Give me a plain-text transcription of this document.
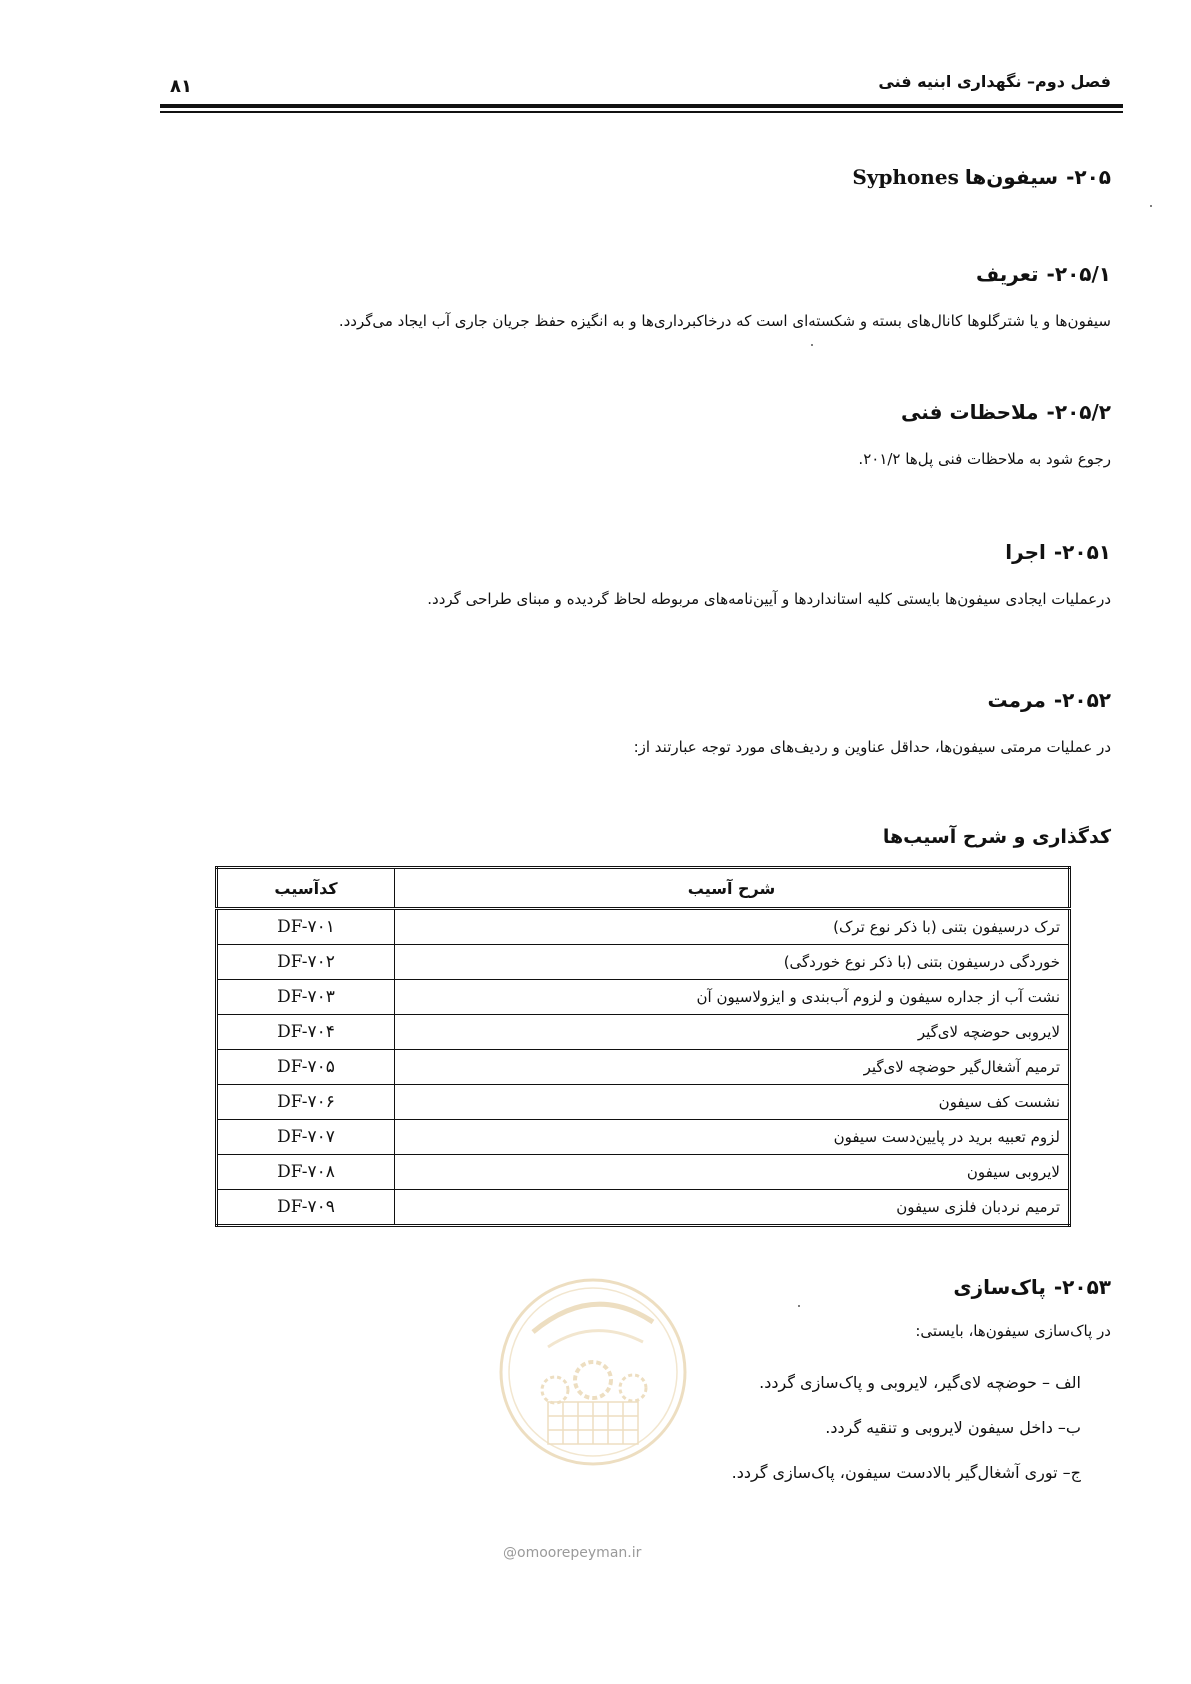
فصل دوم– نگهداری ابنیه فنی
۸۱
۲۰۵-سیفون‌هاSyphones
۲۰۵/۱-تعریف
سیفون‌ها و یا شترگلوها کانال‌های بسته و شکسته‌ای است که درخاکبرداری‌ها و به انگیزه حفظ جریان جاری آب ایجاد می‌گردد.
۲۰۵/۲-ملاحظات فنی
رجوع شود به ملاحظات فنی پل‌ها ۲۰۱/۲.
۲۰۵۱-اجرا
درعملیات ایجادی سیفون‌ها بایستی کلیه استانداردها و آیین‌نامه‌های مربوطه لحاظ گردیده و مبنای طراحی گردد.
۲۰۵۲-مرمت
در عملیات مرمتی سیفون‌ها، حداقل عناوین و ردیف‌های مورد توجه عبارتند از:
کدگذاری و شرح آسیب‌ها
شرح آسیب	کدآسیب
ترک درسیفون بتنی (با ذکر نوع ترک)	DF-۷۰۱
خوردگی درسیفون بتنی (با ذکر نوع خوردگی)	DF-۷۰۲
نشت آب از جداره سیفون و لزوم آب‌بندی و ایزولاسیون آن	DF-۷۰۳
لایروبی حوضچه لای‌گیر	DF-۷۰۴
ترمیم آشغال‌گیر حوضچه لای‌گیر	DF-۷۰۵
نشست کف سیفون	DF-۷۰۶
لزوم تعبیه برید در پایین‌دست سیفون	DF-۷۰۷
لایروبی سیفون	DF-۷۰۸
ترمیم نردبان فلزی سیفون	DF-۷۰۹
۲۰۵۳-پاک‌سازی
در پاک‌سازی سیفون‌ها، بایستی:
الف – حوضچه لای‌گیر، لایروبی و پاک‌سازی گردد.
ب– داخل سیفون لایروبی و تنقیه گردد.
ج– توری آشغال‌گیر بالادست سیفون، پاک‌سازی گردد.
@omoorepeyman.ir
